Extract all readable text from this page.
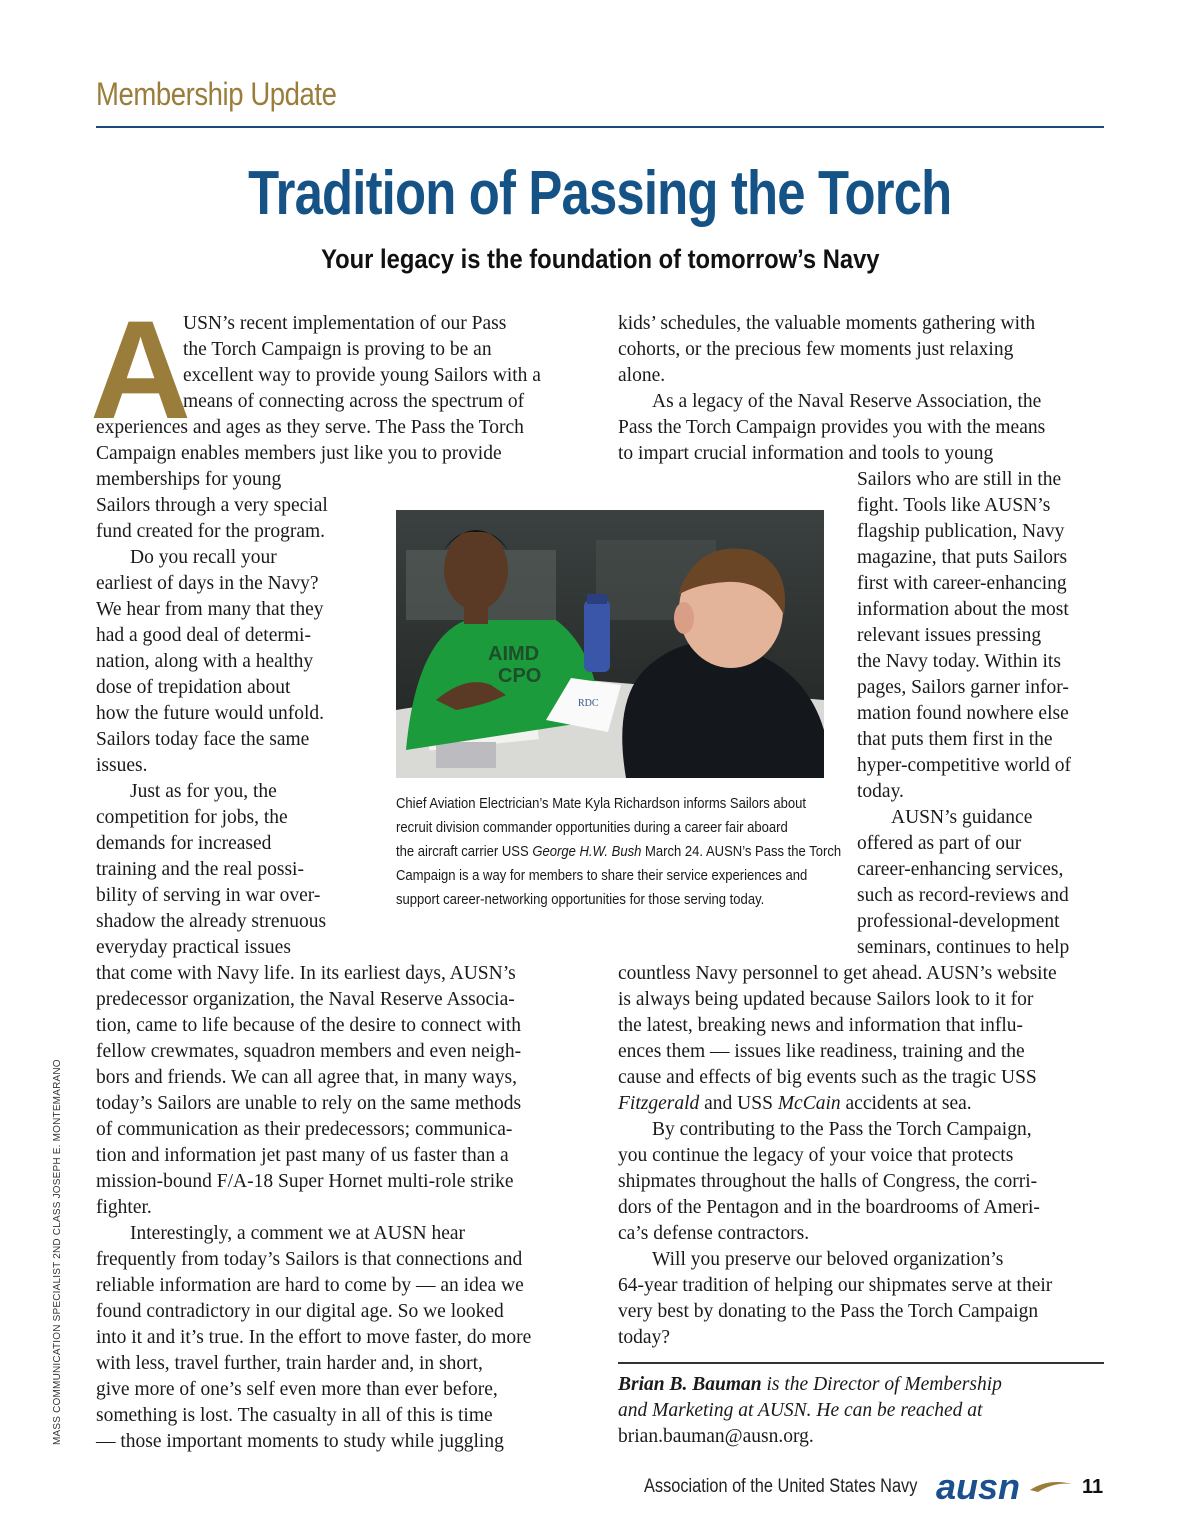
Membership Update
Tradition of Passing the Torch
Your legacy is the foundation of tomorrow’s Navy
A
USN’s recent implementation of our Pass
the Torch Campaign is proving to be an
excellent way to provide young Sailors with a
means of connecting across the spectrum of
experiences and ages as they serve. The Pass the Torch
Campaign enables members just like you to provide
memberships for young
Sailors through a very special
fund created for the program.
Do you recall your
earliest of days in the Navy?
We hear from many that they
had a good deal of determi-
nation, along with a healthy
dose of trepidation about
how the future would unfold.
Sailors today face the same
issues.
Just as for you, the
competition for jobs, the
demands for increased
training and the real possi-
bility of serving in war over-
shadow the already strenuous
everyday practical issues
that come with Navy life. In its earliest days, AUSN’s
predecessor organization, the Naval Reserve Associa-
tion, came to life because of the desire to connect with
fellow crewmates, squadron members and even neigh-
bors and friends. We can all agree that, in many ways,
today’s Sailors are unable to rely on the same methods
of communication as their predecessors; communica-
tion and information jet past many of us faster than a
mission-bound F/A-18 Super Hornet multi-role strike
fighter.
Interestingly, a comment we at AUSN hear
frequently from today’s Sailors is that connections and
reliable information are hard to come by — an idea we
found contradictory in our digital age. So we looked
into it and it’s true. In the effort to move faster, do more
with less, travel further, train harder and, in short,
give more of one’s self even more than ever before,
something is lost. The casualty in all of this is time
— those important moments to study while juggling
kids’ schedules, the valuable moments gathering with
cohorts, or the precious few moments just relaxing
alone.
As a legacy of the Naval Reserve Association, the
Pass the Torch Campaign provides you with the means
to impart crucial information and tools to young
Sailors who are still in the
fight. Tools like AUSN’s
flagship publication, Navy
magazine, that puts Sailors
first with career-enhancing
information about the most
relevant issues pressing
the Navy today. Within its
pages, Sailors garner infor-
mation found nowhere else
that puts them first in the
hyper-competitive world of
today.
AUSN’s guidance
offered as part of our
career-enhancing services,
such as record-reviews and
professional-development
seminars, continues to help
countless Navy personnel to get ahead. AUSN’s website
is always being updated because Sailors look to it for
the latest, breaking news and information that influ-
ences them — issues like readiness, training and the
cause and effects of big events such as the tragic USS
Fitzgerald and USS McCain accidents at sea.
By contributing to the Pass the Torch Campaign,
you continue the legacy of your voice that protects
shipmates throughout the halls of Congress, the corri-
dors of the Pentagon and in the boardrooms of Ameri-
ca’s defense contractors.
Will you preserve our beloved organization’s
64-year tradition of helping our shipmates serve at their
very best by donating to the Pass the Torch Campaign
today?
AIMD
CPO
RDC
Chief Aviation Electrician’s Mate Kyla Richardson informs Sailors about
recruit division commander opportunities during a career fair aboard
the aircraft carrier USS George H.W. Bush March 24. AUSN’s Pass the Torch
Campaign is a way for members to share their service experiences and
support career-networking opportunities for those serving today.
MASS COMMUNICATION SPECIALIST 2ND CLASS JOSEPH E. MONTEMARANO	Brian B. Bauman is the Director of Membership
and Marketing at AUSN. He can be reached at
brian.bauman@ausn.org.
Association of the United States Navy ausn	11
